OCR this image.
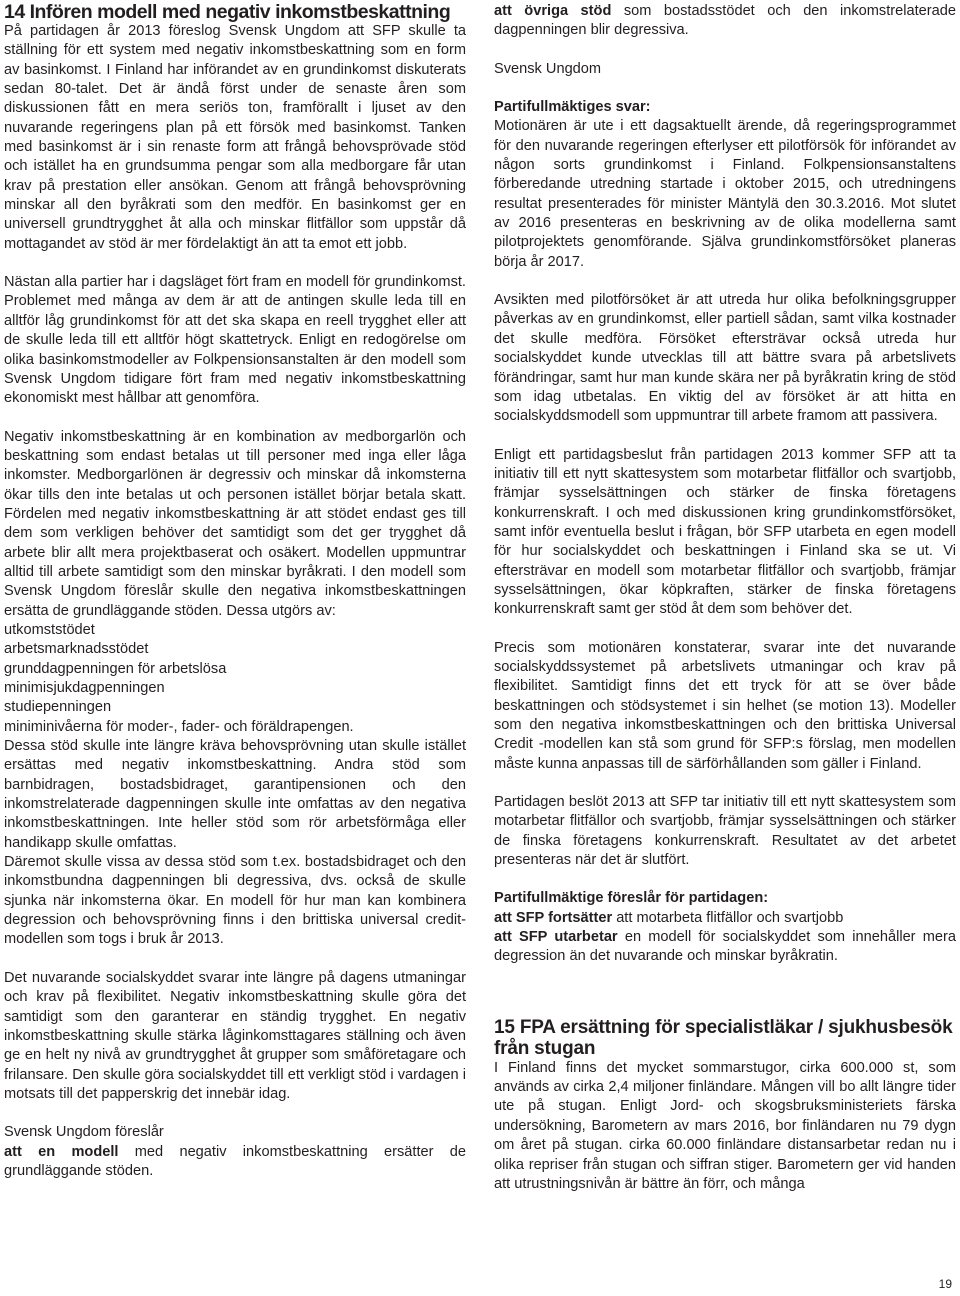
14 Infören modell med negativ inkomstbeskattning

På partidagen år 2013 föreslog Svensk Ungdom att SFP skulle ta ställning för ett system med negativ inkomstbeskattning som en form av basinkomst. I Finland har införandet av en grundinkomst diskuterats sedan 80-talet. Det är ändå först under de senaste åren som diskussionen fått en mera seriös ton, framförallt i ljuset av den nuvarande regeringens plan på ett försök med basinkomst. Tanken med basinkomst är i sin renaste form att frångå behovsprövade stöd och istället ha en grundsumma pengar som alla medborgare får utan krav på prestation eller ansökan. Genom att frångå behovsprövning minskar all den byråkrati som den medför. En basinkomst ger en universell grundtrygghet åt alla och minskar flitfällor som uppstår då mottagandet av stöd är mer fördelaktigt än att ta emot ett jobb.

Nästan alla partier har i dagsläget fört fram en modell för grundinkomst. Problemet med många av dem är att de antingen skulle leda till en alltför låg grundinkomst för att det ska skapa en reell trygghet eller att de skulle leda till ett alltför högt skattetryck. Enligt en redogörelse om olika basinkomstmodeller av Folkpensionsanstalten är den modell som Svensk Ungdom tidigare fört fram med negativ inkomstbeskattning ekonomiskt mest hållbar att genomföra.

Negativ inkomstbeskattning är en kombination av medborgarlön och beskattning som endast betalas ut till personer med inga eller låga inkomster. Medborgarlönen är degressiv och minskar då inkomsterna ökar tills den inte betalas ut och personen istället börjar betala skatt. Fördelen med negativ inkomstbeskattning är att stödet endast ges till dem som verkligen behöver det samtidigt som det ger trygghet då arbete blir allt mera projektbaserat och osäkert. Modellen uppmuntrar alltid till arbete samtidigt som den minskar byråkrati. I den modell som Svensk Ungdom föreslår skulle den negativa inkomstbeskattningen ersätta de grundläggande stöden. Dessa utgörs av:

utkomststödet
arbetsmarknadsstödet
grunddagpenningen för arbetslösa
minimisjukdagpenningen
studiepenningen
miniminivåerna för moder-, fader- och föräldrapengen.

Dessa stöd skulle inte längre kräva behovsprövning utan skulle istället ersättas med negativ inkomstbeskattning. Andra stöd som barnbidragen, bostadsbidraget, garantipensionen och den inkomstrelaterade dagpenningen skulle inte omfattas av den negativa inkomstbeskattningen. Inte heller stöd som rör arbetsförmåga eller handikapp skulle omfattas.

Däremot skulle vissa av dessa stöd som t.ex. bostadsbidraget och den inkomstbundna dagpenningen bli degressiva, dvs. också de skulle sjunka när inkomsterna ökar. En modell för hur man kan kombinera degression och behovsprövning finns i den brittiska universal credit-modellen som togs i bruk år 2013.

Det nuvarande socialskyddet svarar inte längre på dagens utmaningar och krav på flexibilitet. Negativ inkomstbeskattning skulle göra det samtidigt som den garanterar en ständig trygghet. En negativ inkomstbeskattning skulle stärka låginkomsttagares ställning och även ge en helt ny nivå av grundtrygghet åt grupper som småföretagare och frilansare. Den skulle göra socialskyddet till ett verkligt stöd i vardagen i motsats till det papperskrig det innebär idag.

Svensk Ungdom föreslår

att en modell med negativ inkomstbeskattning ersätter de grundläggande stöden.

att övriga stöd som bostadsstödet och den inkomstrelaterade dagpenningen blir degressiva.

Svensk Ungdom

Partifullmäktiges svar:

Motionären är ute i ett dagsaktuellt ärende, då regeringsprogrammet för den nuvarande regeringen efterlyser ett pilotförsök för införandet av någon sorts grundinkomst i Finland. Folkpensionsanstaltens förberedande utredning startade i oktober 2015, och utredningens resultat presenterades för minister Mäntylä den 30.3.2016. Mot slutet av 2016 presenteras en beskrivning av de olika modellerna samt pilotprojektets genomförande. Själva grundinkomstförsöket planeras börja år 2017.

Avsikten med pilotförsöket är att utreda hur olika befolkningsgrupper påverkas av en grundinkomst, eller partiell sådan, samt vilka kostnader det skulle medföra. Försöket eftersträvar också utreda hur socialskyddet kunde utvecklas till att bättre svara på arbetslivets förändringar, samt hur man kunde skära ner på byråkratin kring de stöd som idag utbetalas. En viktig del av försöket är att hitta en socialskyddsmodell som uppmuntrar till arbete framom att passivera.

Enligt ett partidagsbeslut från partidagen 2013 kommer SFP att ta initiativ till ett nytt skattesystem som motarbetar flitfällor och svartjobb, främjar sysselsättningen och stärker de finska företagens konkurrenskraft. I och med diskussionen kring grundinkomstförsöket, samt inför eventuella beslut i frågan, bör SFP utarbeta en egen modell för hur socialskyddet och beskattningen i Finland ska se ut. Vi eftersträvar en modell som motarbetar flitfällor och svartjobb, främjar sysselsättningen, ökar köpkraften, stärker de finska företagens konkurrenskraft samt ger stöd åt dem som behöver det.

Precis som motionären konstaterar, svarar inte det nuvarande socialskyddssystemet på arbetslivets utmaningar och krav på flexibilitet. Samtidigt finns det ett tryck för att se över både beskattningen och stödsystemet i sin helhet (se motion 13). Modeller som den negativa inkomstbeskattningen och den brittiska Universal Credit -modellen kan stå som grund för SFP:s förslag, men modellen måste kunna anpassas till de särförhållanden som gäller i Finland.

Partidagen beslöt 2013 att SFP tar initiativ till ett nytt skattesystem som motarbetar flitfällor och svartjobb, främjar sysselsättningen och stärker de finska företagens konkurrenskraft. Resultatet av det arbetet presenteras när det är slutfört.

Partifullmäktige föreslår för partidagen:

att SFP fortsätter att motarbeta flitfällor och svartjobb

att SFP utarbetar en modell för socialskyddet som innehåller mera degression än det nuvarande och minskar byråkratin.

15 FPA ersättning för specialistläkar / sjukhusbesök från stugan

I Finland finns det mycket sommarstugor, cirka 600.000 st, som används av cirka 2,4 miljoner finländare. Mången vill bo allt längre tider ute på stugan. Enligt Jord- och skogsbruksministeriets färska undersökning, Barometern av mars 2016, bor finländaren nu 79 dygn om året på stugan. cirka 60.000 finländare distansarbetar redan nu i olika repriser från stugan och siffran stiger. Barometern ger vid handen att utrustningsnivån är bättre än förr, och många

19
